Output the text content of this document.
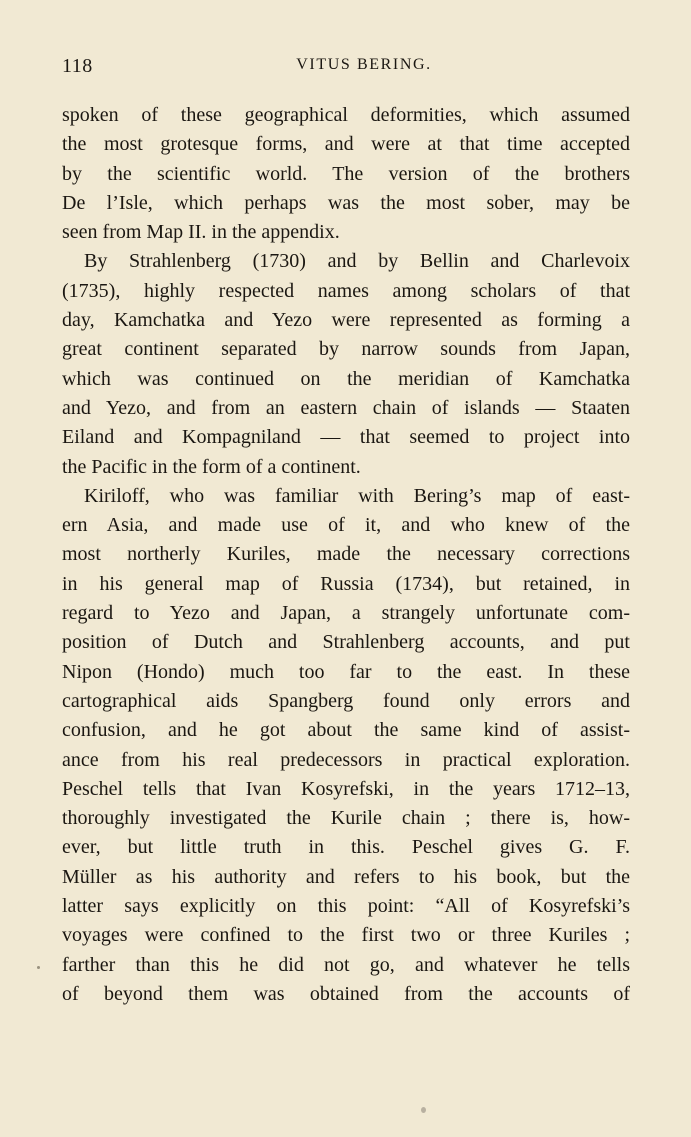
118	VITUS BERING.
spoken of these geographical deformities, which assumed
the most grotesque forms, and were at that time accepted
by the scientific world. The version of the brothers
De l’Isle, which perhaps was the most sober, may be
seen from Map II. in the appendix.
By Strahlenberg (1730) and by Bellin and Charlevoix
(1735), highly respected names among scholars of that
day, Kamchatka and Yezo were represented as forming a
great continent separated by narrow sounds from Japan,
which was continued on the meridian of Kamchatka
and Yezo, and from an eastern chain of islands — Staaten
Eiland and Kompagniland — that seemed to project into
the Pacific in the form of a continent.
Kiriloff, who was familiar with Bering’s map of east-
ern Asia, and made use of it, and who knew of the
most northerly Kuriles, made the necessary corrections
in his general map of Russia (1734), but retained, in
regard to Yezo and Japan, a strangely unfortunate com-
position of Dutch and Strahlenberg accounts, and put
Nipon (Hondo) much too far to the east. In these
cartographical aids Spangberg found only errors and
confusion, and he got about the same kind of assist-
ance from his real predecessors in practical exploration.
Peschel tells that Ivan Kosyrefski, in the years 1712–13,
thoroughly investigated the Kurile chain ; there is, how-
ever, but little truth in this. Peschel gives G. F.
Müller as his authority and refers to his book, but the
latter says explicitly on this point: “All of Kosyrefski’s
voyages were confined to the first two or three Kuriles ;
farther than this he did not go, and whatever he tells
of beyond them was obtained from the accounts of
